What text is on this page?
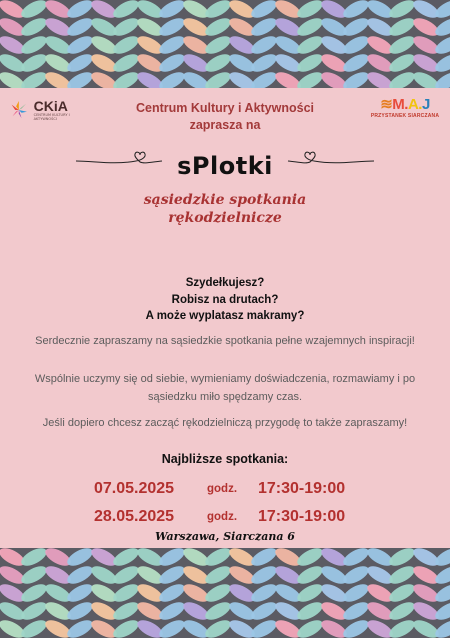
CKiA
CENTRUM KULTURY I AKTYWNOŚCI
≋M.A.J
PRZYSTANEK SIARCZANA
Centrum Kultury i Aktywności
zaprasza na
sPlotki
sąsiedzkie spotkania
rękodzielnicze
Szydełkujesz?
Robisz na drutach?
A może wyplatasz makramy?
Serdecznie zapraszamy na sąsiedzkie spotkania pełne wzajemnych inspiracji!
Wspólnie uczymy się od siebie, wymieniamy doświadczenia, rozmawiamy i po sąsiedzku miło spędzamy czas.
Jeśli dopiero chcesz zacząć rękodzielniczą przygodę to także zapraszamy!
Najbliższe spotkania:
07.05.2025	godz. 17:30-19:00
28.05.2025	godz. 17:30-19:00
Warszawa, Siarczana 6
